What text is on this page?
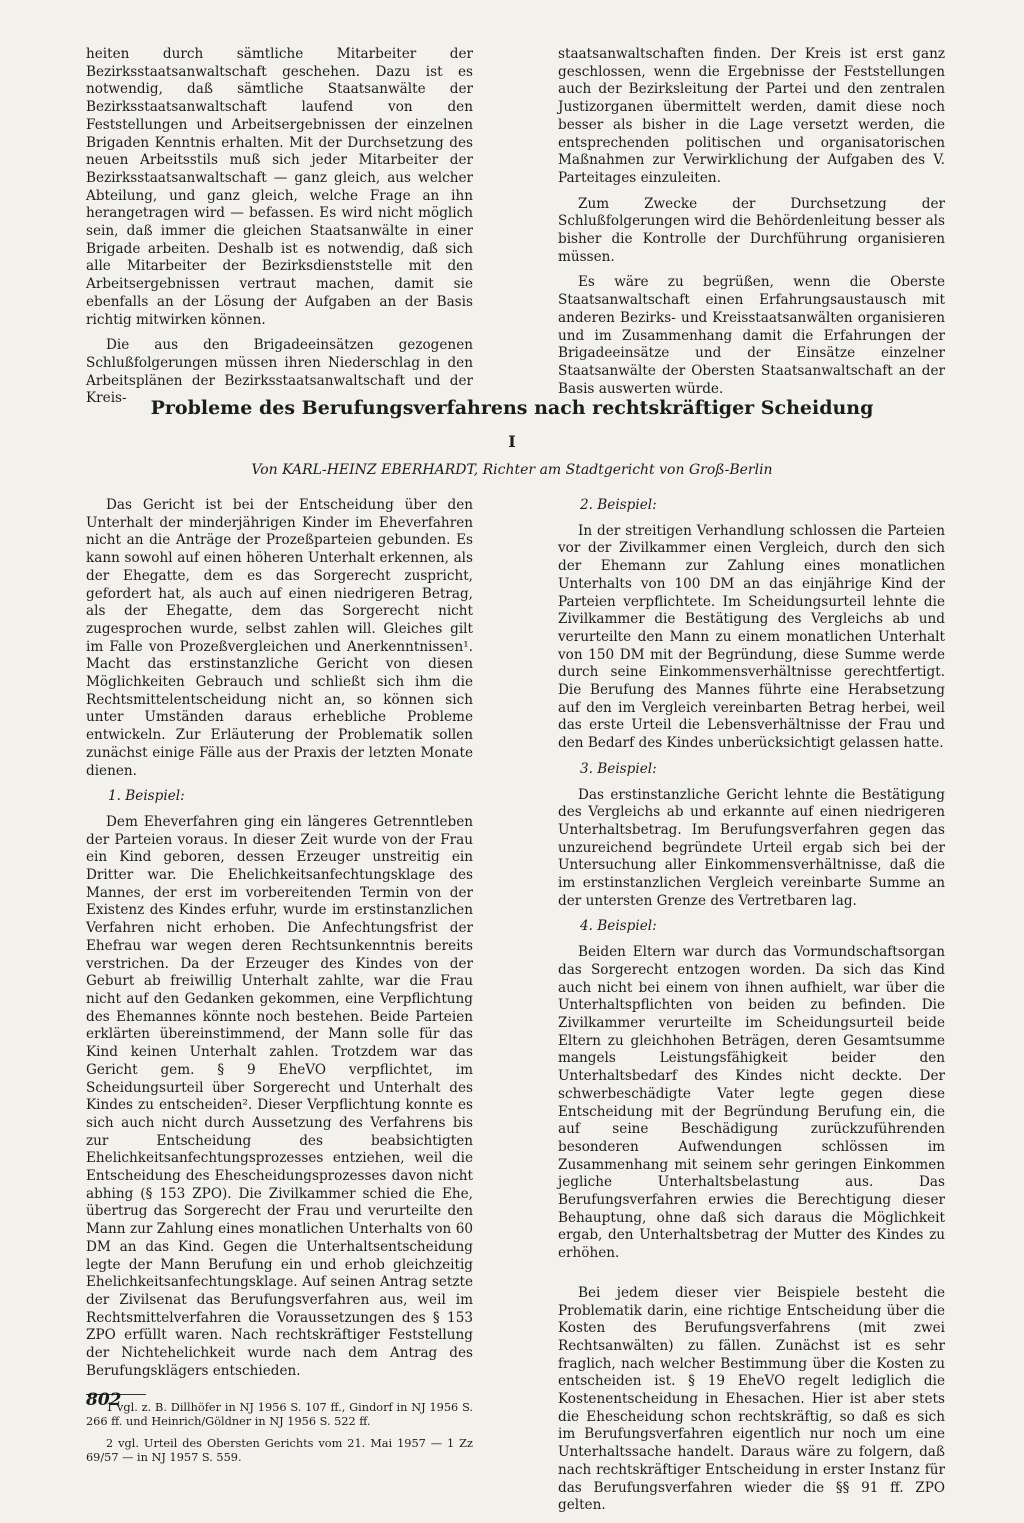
heiten durch sämtliche Mitarbeiter der Bezirksstaatsanwaltschaft geschehen. Dazu ist es notwendig, daß sämtliche Staatsanwälte der Bezirksstaatsanwaltschaft laufend von den Feststellungen und Arbeitsergebnissen der einzelnen Brigaden Kenntnis erhalten. Mit der Durchsetzung des neuen Arbeitsstils muß sich jeder Mitarbeiter der Bezirksstaatsanwaltschaft — ganz gleich, aus welcher Abteilung, und ganz gleich, welche Frage an ihn herangetragen wird — befassen. Es wird nicht möglich sein, daß immer die gleichen Staatsanwälte in einer Brigade arbeiten. Deshalb ist es notwendig, daß sich alle Mitarbeiter der Bezirksdienststelle mit den Arbeitsergebnissen vertraut machen, damit sie ebenfalls an der Lösung der Aufgaben an der Basis richtig mitwirken können.

Die aus den Brigadeeinsätzen gezogenen Schlußfolgerungen müssen ihren Niederschlag in den Arbeitsplänen der Bezirksstaatsanwaltschaft und der Kreis-

staatsanwaltschaften finden. Der Kreis ist erst ganz geschlossen, wenn die Ergebnisse der Feststellungen auch der Bezirksleitung der Partei und den zentralen Justizorganen übermittelt werden, damit diese noch besser als bisher in die Lage versetzt werden, die entsprechenden politischen und organisatorischen Maßnahmen zur Verwirklichung der Aufgaben des V. Parteitages einzuleiten.

Zum Zwecke der Durchsetzung der Schlußfolgerungen wird die Behördenleitung besser als bisher die Kontrolle der Durchführung organisieren müssen.

Es wäre zu begrüßen, wenn die Oberste Staatsanwaltschaft einen Erfahrungsaustausch mit anderen Bezirks- und Kreisstaatsanwälten organisieren und im Zusammenhang damit die Erfahrungen der Brigadeeinsätze und der Einsätze einzelner Staatsanwälte der Obersten Staatsanwaltschaft an der Basis auswerten würde.

Probleme des Berufungsverfahrens nach rechtskräftiger Scheidung
I
Von KARL-HEINZ EBERHARDT, Richter am Stadtgericht von Groß-Berlin

Das Gericht ist bei der Entscheidung über den Unterhalt der minderjährigen Kinder im Eheverfahren nicht an die Anträge der Prozeßparteien gebunden. Es kann sowohl auf einen höheren Unterhalt erkennen, als der Ehegatte, dem es das Sorgerecht zuspricht, gefordert hat, als auch auf einen niedrigeren Betrag, als der Ehegatte, dem das Sorgerecht nicht zugesprochen wurde, selbst zahlen will. Gleiches gilt im Falle von Prozeßvergleichen und Anerkenntnissen¹. Macht das erstinstanzliche Gericht von diesen Möglichkeiten Gebrauch und schließt sich ihm die Rechtsmittelentscheidung nicht an, so können sich unter Umständen daraus erhebliche Probleme entwickeln. Zur Erläuterung der Problematik sollen zunächst einige Fälle aus der Praxis der letzten Monate dienen.

1. Beispiel:

Dem Eheverfahren ging ein längeres Getrenntleben der Parteien voraus. In dieser Zeit wurde von der Frau ein Kind geboren, dessen Erzeuger unstreitig ein Dritter war. Die Ehelichkeitsanfechtungsklage des Mannes, der erst im vorbereitenden Termin von der Existenz des Kindes erfuhr, wurde im erstinstanzlichen Verfahren nicht erhoben. Die Anfechtungsfrist der Ehefrau war wegen deren Rechtsunkenntnis bereits verstrichen. Da der Erzeuger des Kindes von der Geburt ab freiwillig Unterhalt zahlte, war die Frau nicht auf den Gedanken gekommen, eine Verpflichtung des Ehemannes könnte noch bestehen. Beide Parteien erklärten übereinstimmend, der Mann solle für das Kind keinen Unterhalt zahlen. Trotzdem war das Gericht gem. § 9 EheVO verpflichtet, im Scheidungsurteil über Sorgerecht und Unterhalt des Kindes zu entscheiden². Dieser Verpflichtung konnte es sich auch nicht durch Aussetzung des Verfahrens bis zur Entscheidung des beabsichtigten Ehelichkeitsanfechtungsprozesses entziehen, weil die Entscheidung des Ehescheidungsprozesses davon nicht abhing (§ 153 ZPO). Die Zivilkammer schied die Ehe, übertrug das Sorgerecht der Frau und verurteilte den Mann zur Zahlung eines monatlichen Unterhalts von 60 DM an das Kind. Gegen die Unterhaltsentscheidung legte der Mann Berufung ein und erhob gleichzeitig Ehelichkeitsanfechtungsklage. Auf seinen Antrag setzte der Zivilsenat das Berufungsverfahren aus, weil im Rechtsmittelverfahren die Voraussetzungen des § 153 ZPO erfüllt waren. Nach rechtskräftiger Feststellung der Nichtehelichkeit wurde nach dem Antrag des Berufungsklägers entschieden.

1 vgl. z. B. Dillhöfer in NJ 1956 S. 107 ff., Gindorf in NJ 1956 S. 266 ff. und Heinrich/Göldner in NJ 1956 S. 522 ff.

2 vgl. Urteil des Obersten Gerichts vom 21. Mai 1957 — 1 Zz 69/57 — in NJ 1957 S. 559.

2. Beispiel:

In der streitigen Verhandlung schlossen die Parteien vor der Zivilkammer einen Vergleich, durch den sich der Ehemann zur Zahlung eines monatlichen Unterhalts von 100 DM an das einjährige Kind der Parteien verpflichtete. Im Scheidungsurteil lehnte die Zivilkammer die Bestätigung des Vergleichs ab und verurteilte den Mann zu einem monatlichen Unterhalt von 150 DM mit der Begründung, diese Summe werde durch seine Einkommensverhältnisse gerechtfertigt. Die Berufung des Mannes führte eine Herabsetzung auf den im Vergleich vereinbarten Betrag herbei, weil das erste Urteil die Lebensverhältnisse der Frau und den Bedarf des Kindes unberücksichtigt gelassen hatte.

3. Beispiel:

Das erstinstanzliche Gericht lehnte die Bestätigung des Vergleichs ab und erkannte auf einen niedrigeren Unterhaltsbetrag. Im Berufungsverfahren gegen das unzureichend begründete Urteil ergab sich bei der Untersuchung aller Einkommensverhältnisse, daß die im erstinstanzlichen Vergleich vereinbarte Summe an der untersten Grenze des Vertretbaren lag.

4. Beispiel:

Beiden Eltern war durch das Vormundschaftsorgan das Sorgerecht entzogen worden. Da sich das Kind auch nicht bei einem von ihnen aufhielt, war über die Unterhaltspflichten von beiden zu befinden. Die Zivilkammer verurteilte im Scheidungsurteil beide Eltern zu gleichhohen Beträgen, deren Gesamtsumme mangels Leistungsfähigkeit beider den Unterhaltsbedarf des Kindes nicht deckte. Der schwerbeschädigte Vater legte gegen diese Entscheidung mit der Begründung Berufung ein, die auf seine Beschädigung zurückzuführenden besonderen Aufwendungen schlössen im Zusammenhang mit seinem sehr geringen Einkommen jegliche Unterhaltsbelastung aus. Das Berufungsverfahren erwies die Berechtigung dieser Behauptung, ohne daß sich daraus die Möglichkeit ergab, den Unterhaltsbetrag der Mutter des Kindes zu erhöhen.

Bei jedem dieser vier Beispiele besteht die Problematik darin, eine richtige Entscheidung über die Kosten des Berufungsverfahrens (mit zwei Rechtsanwälten) zu fällen. Zunächst ist es sehr fraglich, nach welcher Bestimmung über die Kosten zu entscheiden ist. § 19 EheVO regelt lediglich die Kostenentscheidung in Ehesachen. Hier ist aber stets die Ehescheidung schon rechtskräftig, so daß es sich im Berufungsverfahren eigentlich nur noch um eine Unterhaltssache handelt. Daraus wäre zu folgern, daß nach rechtskräftiger Entscheidung in erster Instanz für das Berufungsverfahren wieder die §§ 91 ff. ZPO gelten.

802
